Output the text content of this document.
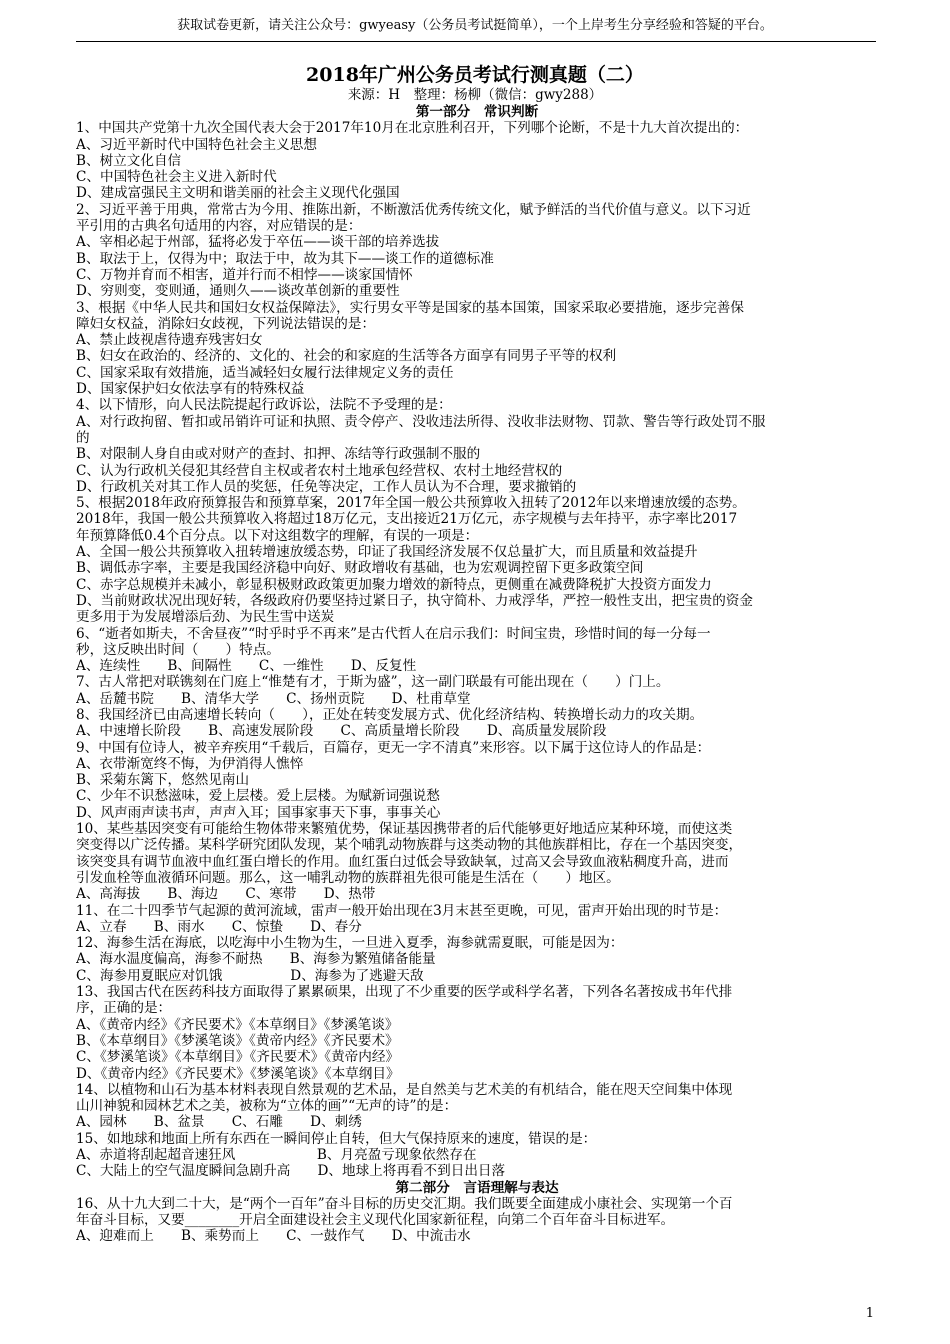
获取试卷更新，请关注公众号：gwyeasy（公务员考试挺简单），一个上岸考生分享经验和答疑的平台。
2018年广州公务员考试行测真题（二）
来源：H　整理：杨柳（微信：gwy288）
第一部分　常识判断
1、中国共产党第十九次全国代表大会于2017年10月在北京胜利召开，下列哪个论断，不是十九大首次提出的：
A、习近平新时代中国特色社会主义思想
B、树立文化自信
C、中国特色社会主义进入新时代
D、建成富强民主文明和谐美丽的社会主义现代化强国
2、习近平善于用典，常常古为今用、推陈出新，不断激活优秀传统文化，赋予鲜活的当代价值与意义。以下习近
平引用的古典名句适用的内容，对应错误的是：
A、宰相必起于州部，猛将必发于卒伍——谈干部的培养选拔
B、取法于上，仅得为中；取法于中，故为其下——谈工作的道德标准
C、万物并育而不相害，道并行而不相悖——谈家国情怀
D、穷则变，变则通，通则久——谈改革创新的重要性
3、根据《中华人民共和国妇女权益保障法》，实行男女平等是国家的基本国策，国家采取必要措施，逐步完善保
障妇女权益，消除妇女歧视，下列说法错误的是：
A、禁止歧视虐待遗弃残害妇女
B、妇女在政治的、经济的、文化的、社会的和家庭的生活等各方面享有同男子平等的权利
C、国家采取有效措施，适当减轻妇女履行法律规定义务的责任
D、国家保护妇女依法享有的特殊权益
4、以下情形，向人民法院提起行政诉讼，法院不予受理的是：
A、对行政拘留、暂扣或吊销许可证和执照、责令停产、没收违法所得、没收非法财物、罚款、警告等行政处罚不服
的
B、对限制人身自由或对财产的查封、扣押、冻结等行政强制不服的
C、认为行政机关侵犯其经营自主权或者农村土地承包经营权、农村土地经营权的
D、行政机关对其工作人员的奖惩，任免等决定，工作人员认为不合理，要求撤销的
5、根据2018年政府预算报告和预算草案，2017年全国一般公共预算收入扭转了2012年以来增速放缓的态势。
2018年，我国一般公共预算收入将超过18万亿元，支出接近21万亿元，赤字规模与去年持平，赤字率比2017
年预算降低0.4个百分点。以下对这组数字的理解，有误的一项是：
A、全国一般公共预算收入扭转增速放缓态势，印证了我国经济发展不仅总量扩大，而且质量和效益提升
B、调低赤字率，主要是我国经济稳中向好、财政增收有基础，也为宏观调控留下更多政策空间
C、赤字总规模并未减小，彰显积极财政政策更加聚力增效的新特点，更侧重在减费降税扩大投资方面发力
D、当前财政状况出现好转，各级政府仍要坚持过紧日子，执守简朴、力戒浮华，严控一般性支出，把宝贵的资金
更多用于为发展增添后劲、为民生雪中送炭
6、“逝者如斯夫，不舍昼夜”“时乎时乎不再来”是古代哲人在启示我们：时间宝贵，珍惜时间的每一分每一
秒，这反映出时间（　　）特点。
A、连续性　　B、间隔性　　C、一维性　　D、反复性
7、古人常把对联镌刻在门庭上“惟楚有才，于斯为盛”，这一副门联最有可能出现在（　　）门上。
A、岳麓书院　　B、清华大学　　C、扬州贡院　　D、杜甫草堂
8、我国经济已由高速增长转向（　　），正处在转变发展方式、优化经济结构、转换增长动力的攻关期。
A、中速增长阶段　　B、高速发展阶段　　C、高质量增长阶段　　D、高质量发展阶段
9、中国有位诗人，被辛弃疾用“千载后，百篇存，更无一字不清真”来形容。以下属于这位诗人的作品是：
A、衣带渐宽终不悔，为伊消得人憔悴
B、采菊东篱下，悠然见南山
C、少年不识愁滋味，爱上层楼。爱上层楼。为赋新词强说愁
D、风声雨声读书声，声声入耳；国事家事天下事，事事关心
10、某些基因突变有可能给生物体带来繁殖优势，保证基因携带者的后代能够更好地适应某种环境，而使这类
突变得以广泛传播。某科学研究团队发现，某个哺乳动物族群与这类动物的其他族群相比，存在一个基因突变，
该突变具有调节血液中血红蛋白增长的作用。血红蛋白过低会导致缺氧，过高又会导致血液粘稠度升高，进而
引发血栓等血液循环问题。那么，这一哺乳动物的族群祖先很可能是生活在（　　）地区。
A、高海拔　　B、海边　　C、寒带　　D、热带
11、在二十四季节气起源的黄河流域，雷声一般开始出现在3月末甚至更晚，可见，雷声开始出现的时节是：
A、立春　　B、雨水　　C、惊蛰　　D、春分
12、海参生活在海底，以吃海中小生物为生，一旦进入夏季，海参就需夏眠，可能是因为：
A、海水温度偏高，海参不耐热　　B、海参为繁殖储备能量
C、海参用夏眠应对饥饿　　　　　D、海参为了逃避天敌
13、我国古代在医药科技方面取得了累累硕果，出现了不少重要的医学或科学名著，下列各名著按成书年代排
序，正确的是：
A、《黄帝内经》《齐民要术》《本草纲目》《梦溪笔谈》
B、《本草纲目》《梦溪笔谈》《黄帝内经》《齐民要术》
C、《梦溪笔谈》《本草纲目》《齐民要术》《黄帝内经》
D、《黄帝内经》《齐民要术》《梦溪笔谈》《本草纲目》
14、以植物和山石为基本材料表现自然景观的艺术品，是自然美与艺术美的有机结合，能在咫天空间集中体现
山川神貌和园林艺术之美，被称为“立体的画”“无声的诗”的是：
A、园林　　B、盆景　　C、石雕　　D、刺绣
15、如地球和地面上所有东西在一瞬间停止自转，但大气保持原来的速度，错误的是：
A、赤道将刮起超音速狂风　　　　　　B、月亮盈亏现象依然存在
C、大陆上的空气温度瞬间急剧升高　　D、地球上将再看不到日出日落
第二部分　言语理解与表达
16、从十九大到二十大，是“两个一百年”奋斗目标的历史交汇期。我们既要全面建成小康社会、实现第一个百
年奋斗目标，又要________开启全面建设社会主义现代化国家新征程，向第二个百年奋斗目标进军。
A、迎难而上　　B、乘势而上　　C、一鼓作气　　D、中流击水
1
